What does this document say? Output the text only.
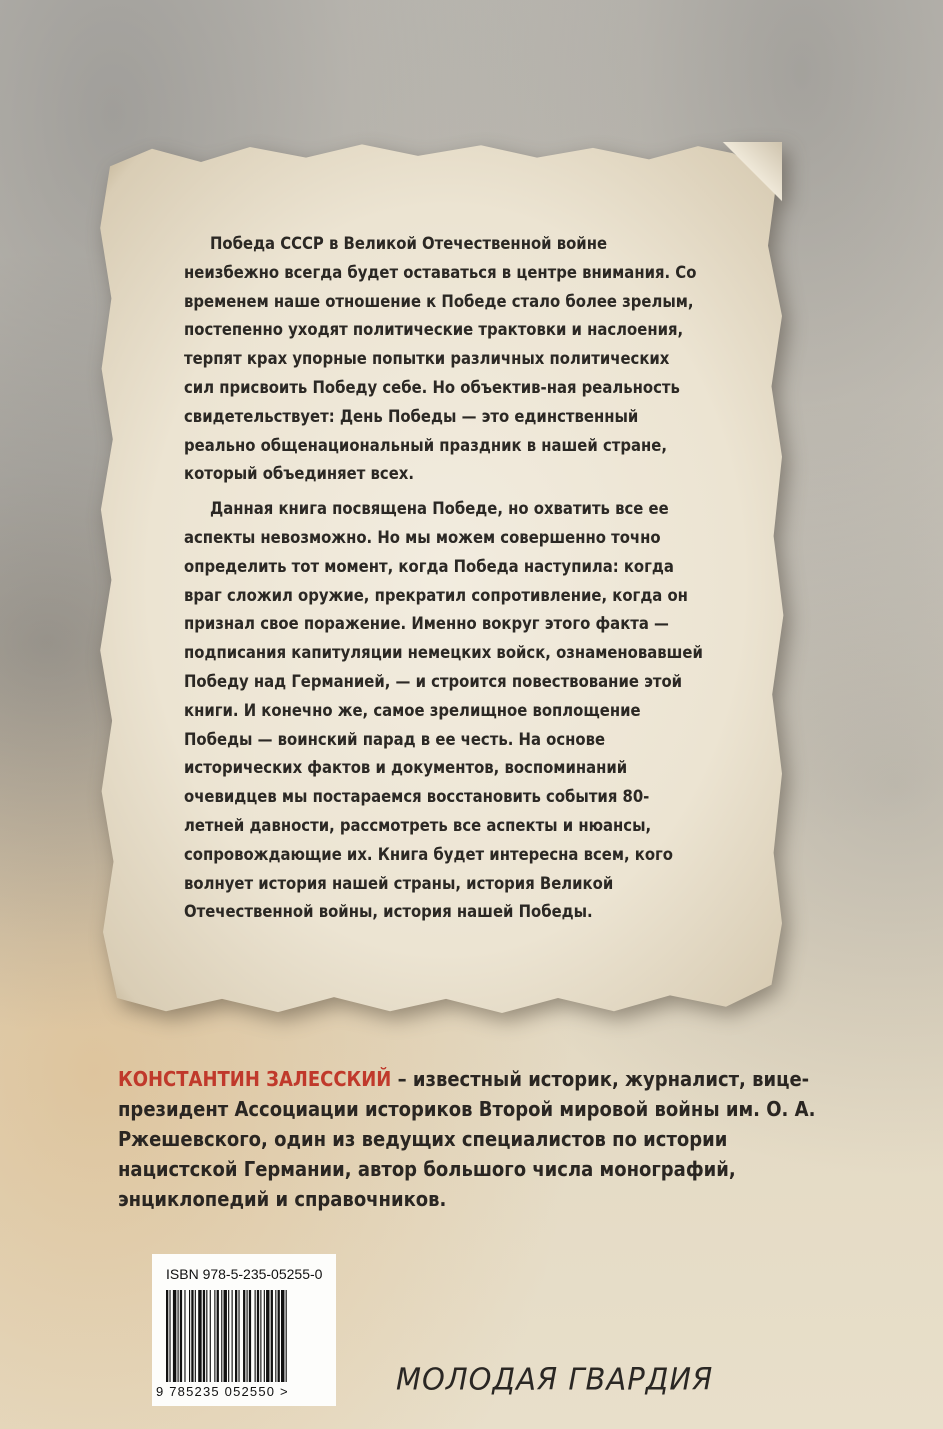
Победа СССР в Великой Отечественной войне неизбежно всегда будет оставаться в центре внимания. Со временем наше отношение к Победе стало более зрелым, постепенно уходят политические трактовки и наслоения, терпят крах упорные попытки различных политических сил присвоить Победу себе. Но объектив-ная реальность свидетельствует: День Победы — это единственный реально общенациональный праздник в нашей стране, который объединяет всех.

Данная книга посвящена Победе, но охватить все ее аспекты невозможно. Но мы можем совершенно точно определить тот момент, когда Победа наступила: когда враг сложил оружие, прекратил сопротивление, когда он признал свое поражение. Именно вокруг этого факта — подписания капитуляции немецких войск, ознаменовавшей Победу над Германией, — и строится повествование этой книги. И конечно же, самое зрелищное воплощение Победы — воинский парад в ее честь. На основе исторических фактов и документов, воспоминаний очевидцев мы постараемся восстановить события 80-летней давности, рассмотреть все аспекты и нюансы, сопровождающие их. Книга будет интересна всем, кого волнует история нашей страны, история Великой Отечественной войны, история нашей Победы.

КОНСТАНТИН ЗАЛЕССКИЙ – известный историк, журналист, вице-президент Ассоциации историков Второй мировой войны им. О. А. Ржешевского, один из ведущих специалистов по истории нацистской Германии, автор большого числа монографий, энциклопедий и справочников.
ISBN 978-5-235-05255-0
9 785235 052550 >	МОЛОДАЯ ГВАРДИЯ
